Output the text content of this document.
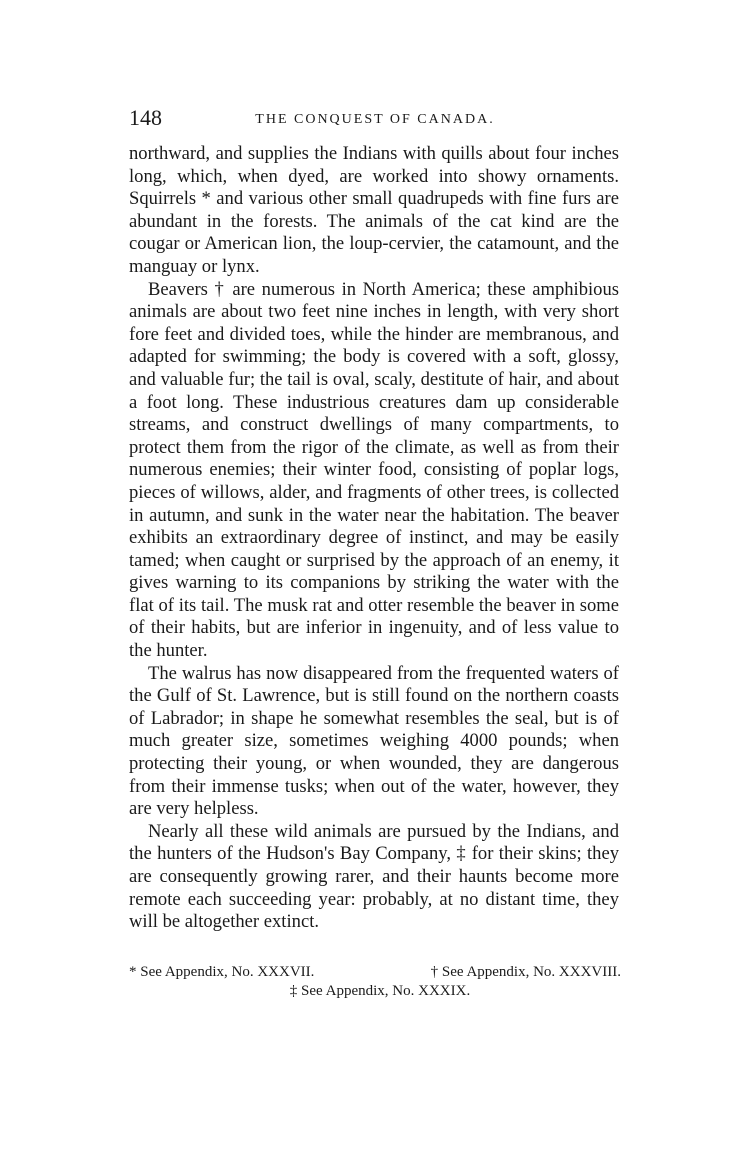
148	THE CONQUEST OF CANADA.

northward, and supplies the Indians with quills about four inches long, which, when dyed, are worked into showy ornaments. Squirrels * and various other small quadrupeds with fine furs are abundant in the forests. The animals of the cat kind are the cougar or American lion, the loup-cervier, the catamount, and the manguay or lynx.

Beavers † are numerous in North America; these amphibious animals are about two feet nine inches in length, with very short fore feet and divided toes, while the hinder are membranous, and adapted for swimming; the body is covered with a soft, glossy, and valuable fur; the tail is oval, scaly, destitute of hair, and about a foot long. These industrious creatures dam up considerable streams, and construct dwellings of many compartments, to protect them from the rigor of the climate, as well as from their numerous enemies; their winter food, consisting of poplar logs, pieces of willows, alder, and fragments of other trees, is collected in autumn, and sunk in the water near the habitation. The beaver exhibits an extraordinary degree of instinct, and may be easily tamed; when caught or surprised by the approach of an enemy, it gives warning to its companions by striking the water with the flat of its tail. The musk rat and otter resemble the beaver in some of their habits, but are inferior in ingenuity, and of less value to the hunter.

The walrus has now disappeared from the frequented waters of the Gulf of St. Lawrence, but is still found on the northern coasts of Labrador; in shape he somewhat resembles the seal, but is of much greater size, sometimes weighing 4000 pounds; when protecting their young, or when wounded, they are dangerous from their immense tusks; when out of the water, however, they are very helpless.

Nearly all these wild animals are pursued by the Indians, and the hunters of the Hudson's Bay Company, ‡ for their skins; they are consequently growing rarer, and their haunts become more remote each succeeding year: probably, at no distant time, they will be altogether extinct.

* See Appendix, No. XXXVII.	† See Appendix, No. XXXVIII.
‡ See Appendix, No. XXXIX.
